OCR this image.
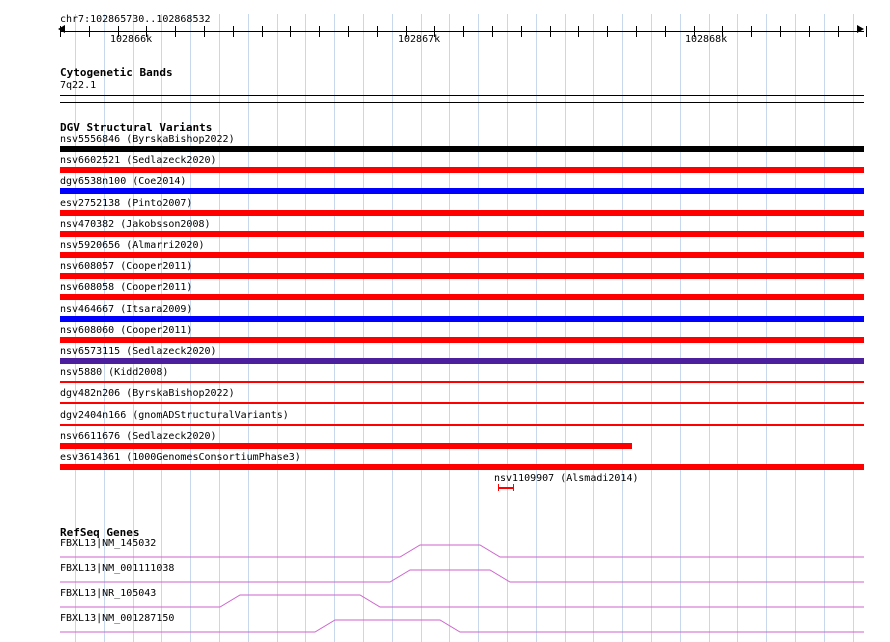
chr7:102865730..102868532
102866k	102867k	102868k
Cytogenetic Bands
7q22.1
DGV Structural Variants
nsv5556846 (ByrskaBishop2022)
nsv6602521 (Sedlazeck2020)
dgv6538n100 (Coe2014)
esv2752138 (Pinto2007)
nsv470382 (Jakobsson2008)
nsv5920656 (Almarri2020)
nsv608057 (Cooper2011)
nsv608058 (Cooper2011)
nsv464667 (Itsara2009)
nsv608060 (Cooper2011)
nsv6573115 (Sedlazeck2020)
nsv5880 (Kidd2008)
dgv482n206 (ByrskaBishop2022)
dgv2404n166 (gnomADStructuralVariants)
nsv6611676 (Sedlazeck2020)
esv3614361 (1000GenomesConsortiumPhase3)
nsv1109907 (Alsmadi2014)
RefSeq Genes
FBXL13|NM_145032
FBXL13|NM_001111038
FBXL13|NR_105043
FBXL13|NM_001287150
